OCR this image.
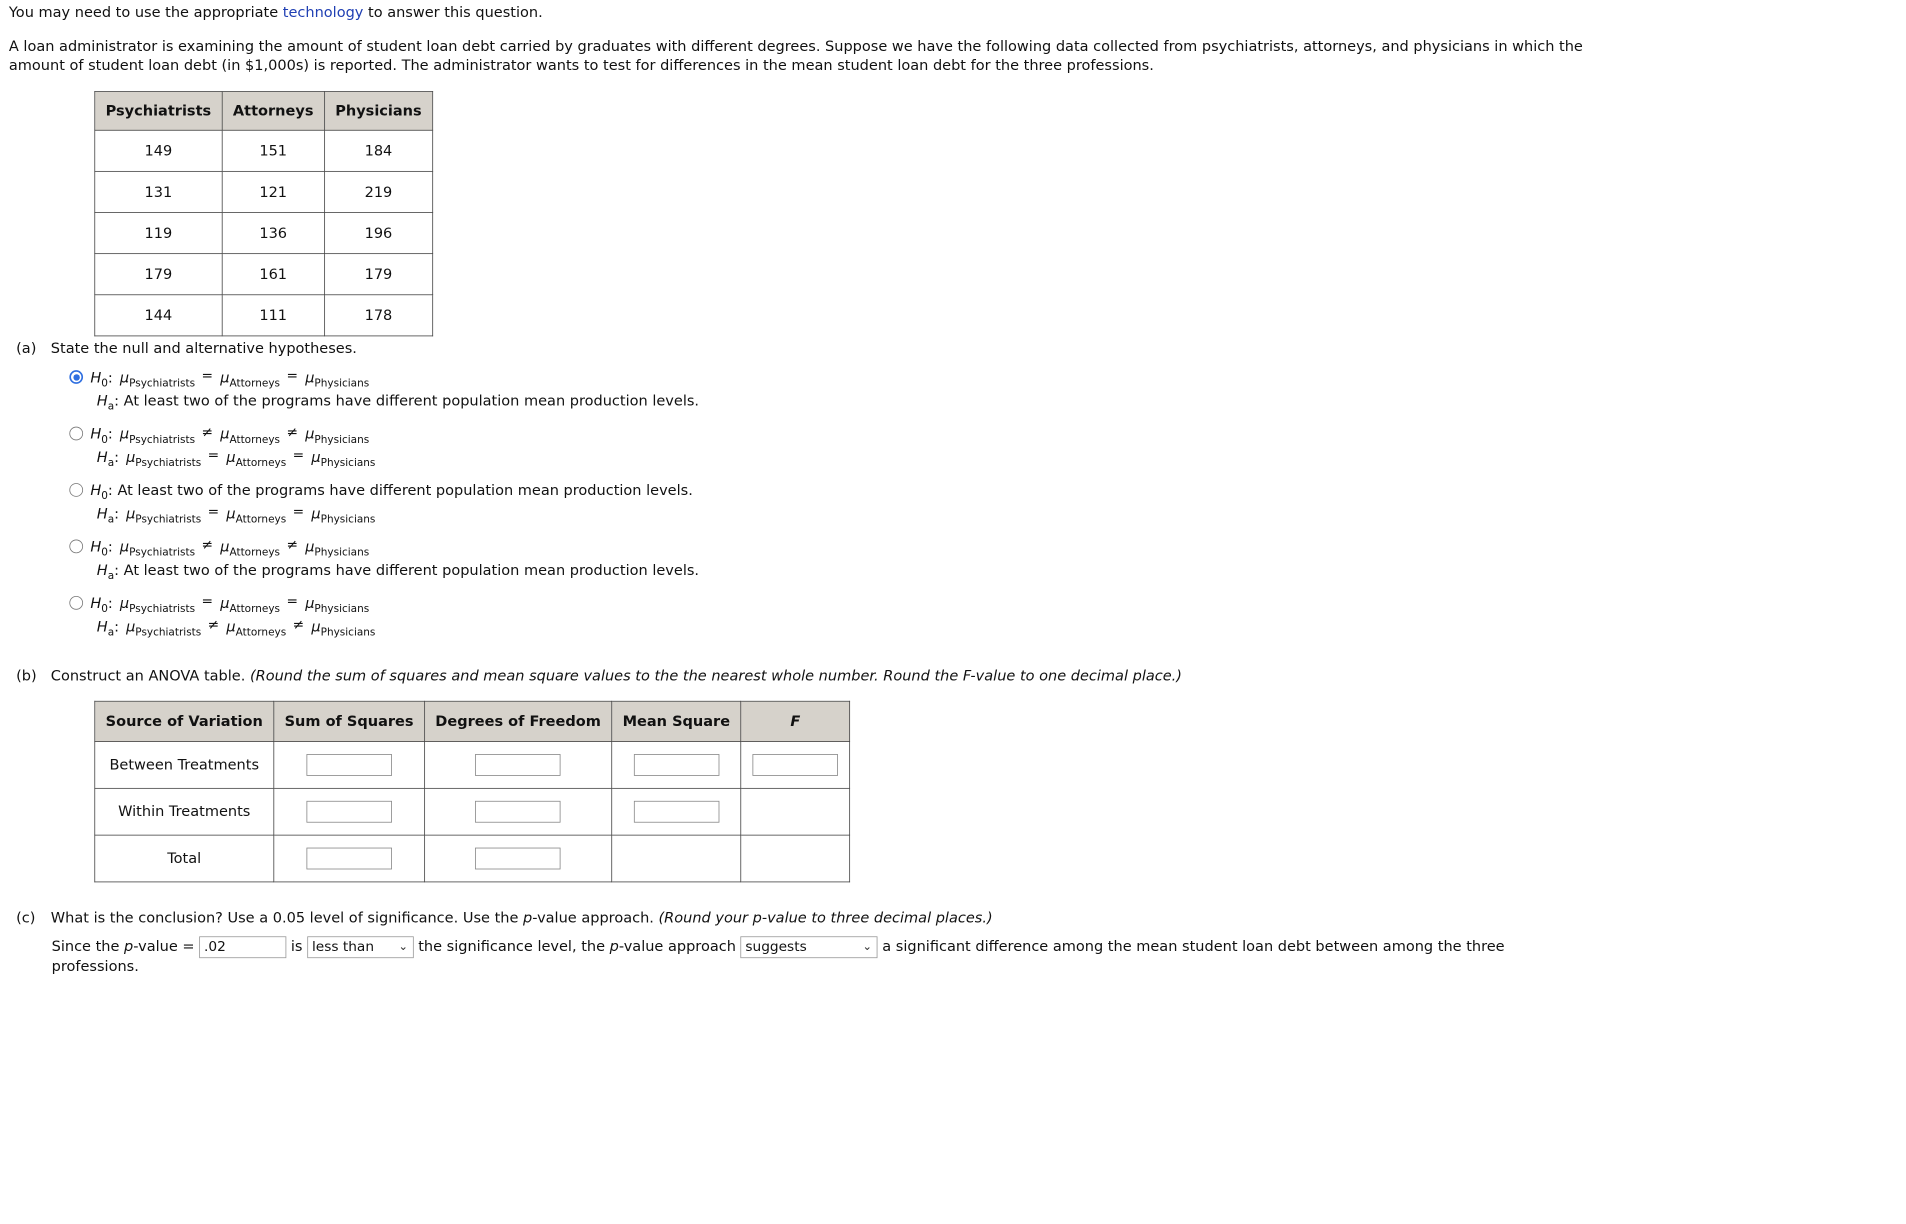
You may need to use the appropriate technology to answer this question.
A loan administrator is examining the amount of student loan debt carried by graduates with different degrees. Suppose we have the following data collected from psychiatrists, attorneys, and physicians in which the
amount of student loan debt (in $1,000s) is reported. The administrator wants to test for differences in the mean student loan debt for the three professions.
Psychiatrists	Attorneys	Physicians
149	151	184
131	121	219
119	136	196
179	161	179
144	111	178
(a) State the null and alternative hypotheses.
$H_0$: $\mu_{Psychiatrists} = \mu_{Attorneys} = \mu_{Physicians}$
$H_a$: At least two of the programs have different population mean production levels.
$H_0$: $\mu_{Psychiatrists} \ne \mu_{Attorneys} \ne \mu_{Physicians}$
$H_a$: $\mu_{Psychiatrists} = \mu_{Attorneys} = \mu_{Physicians}$
$H_0$: At least two of the programs have different population mean production levels.
$H_a$: $\mu_{Psychiatrists} = \mu_{Attorneys} = \mu_{Physicians}$
$H_0$: $\mu_{Psychiatrists} \ne \mu_{Attorneys} \ne \mu_{Physicians}$
$H_a$: At least two of the programs have different population mean production levels.
$H_0$: $\mu_{Psychiatrists} = \mu_{Attorneys} = \mu_{Physicians}$
$H_a$: $\mu_{Psychiatrists} \ne \mu_{Attorneys} \ne \mu_{Physicians}$
(b) Construct an ANOVA table. (Round the sum of squares and mean square values to the the nearest whole number. Round the F-value to one decimal place.)
Source of Variation	Sum of Squares	Degrees of Freedom	Mean Square	F
Between Treatments	

Within Treatments	

Total	

(c) What is the conclusion? Use a 0.05 level of significance. Use the p-value approach. (Round your p-value to three decimal places.)
Since the p-value = .02	is less than ⌄ the significance level, the p-value approach suggests	⌄ a significant difference among the mean student loan debt between among the three
professions.
